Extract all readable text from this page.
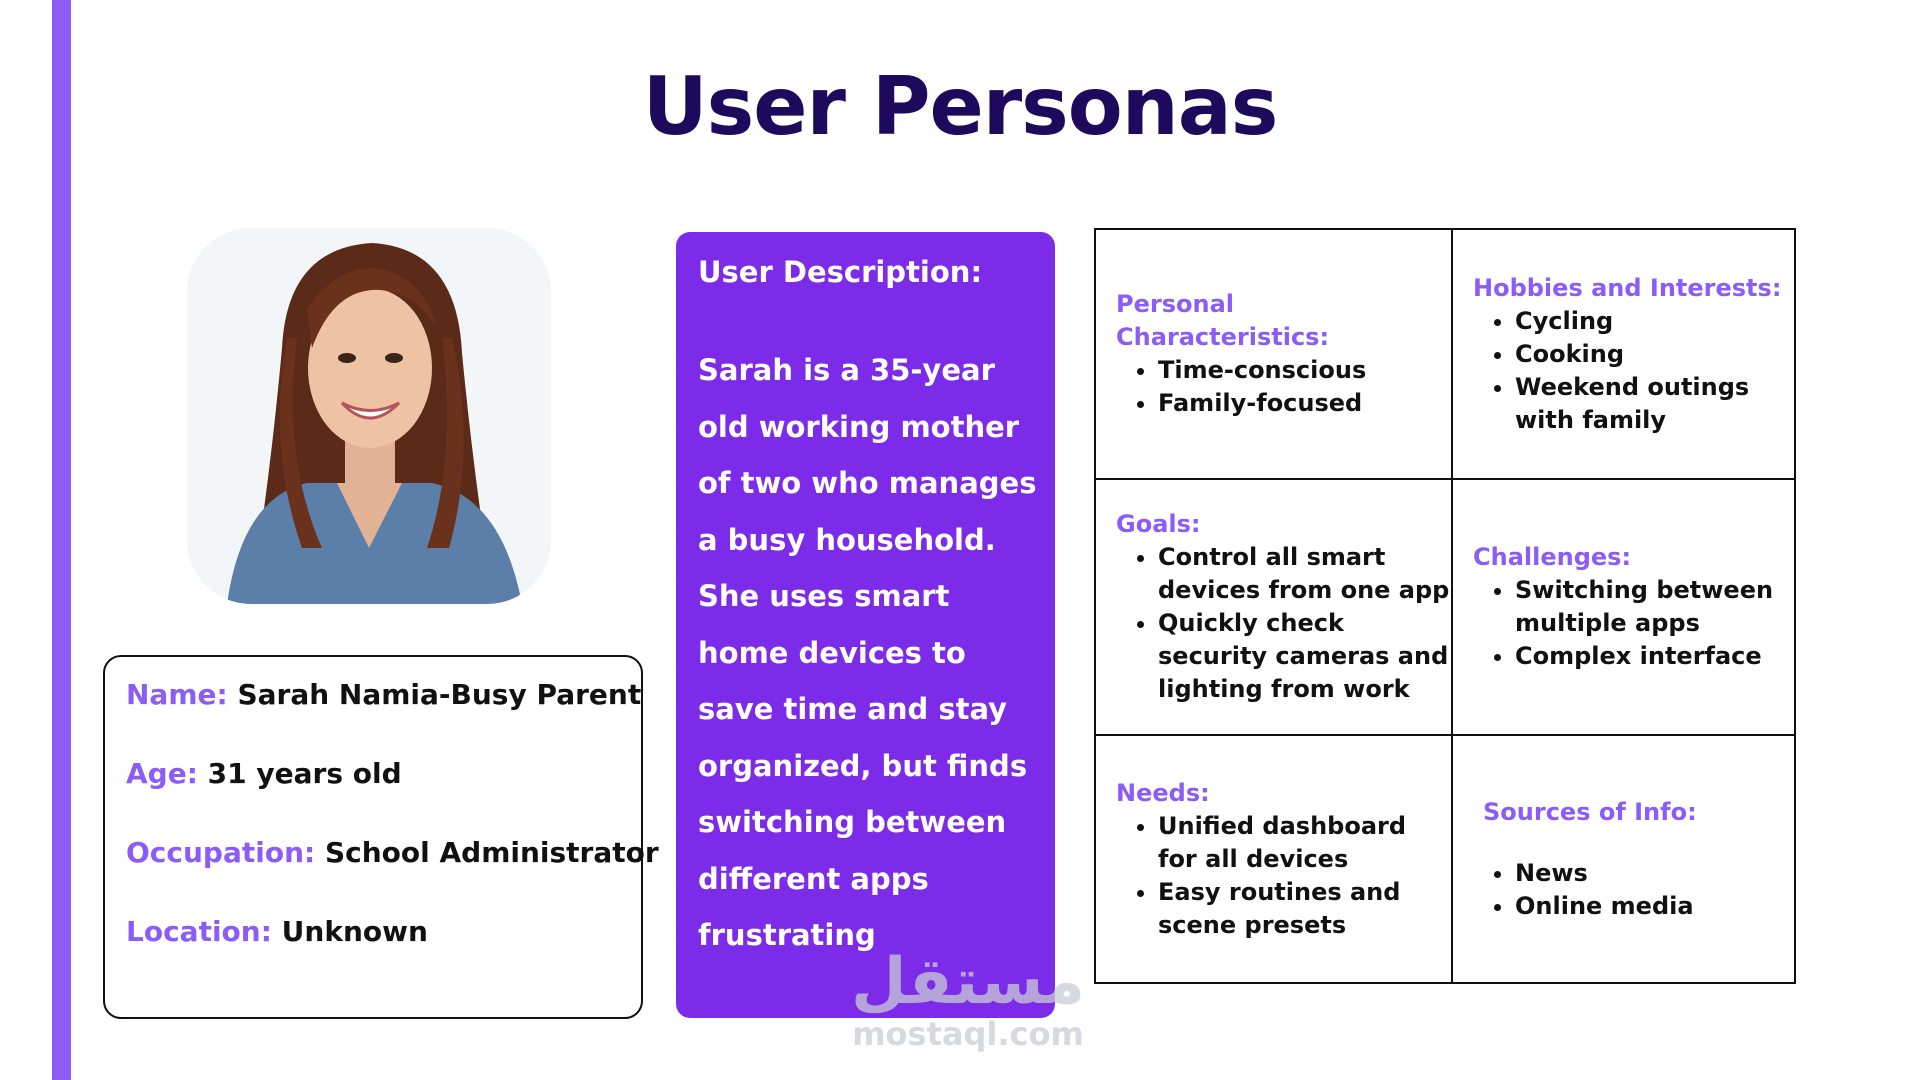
User Personas
Name: Sarah Namia-Busy Parent
Age: 31 years old
Occupation: School Administrator
Location: Unknown

User Description:

Sarah is a 35-year old working mother of two who manages a busy household. She uses smart home devices to save time and stay organized, but finds switching between different apps frustrating

Personal Characteristics:

• Time-conscious
• Family-focused

Hobbies and Interests:

• Cycling
• Cooking
• Weekend outings with family

Goals:

• Control all smart devices from one app
• Quickly check security cameras and lighting from work

Challenges:

• Switching between multiple apps
• Complex interface

Needs:

• Unified dashboard for all devices
• Easy routines and scene presets

Sources of Info:

• News
• Online media
مستقل
mostaql.com
